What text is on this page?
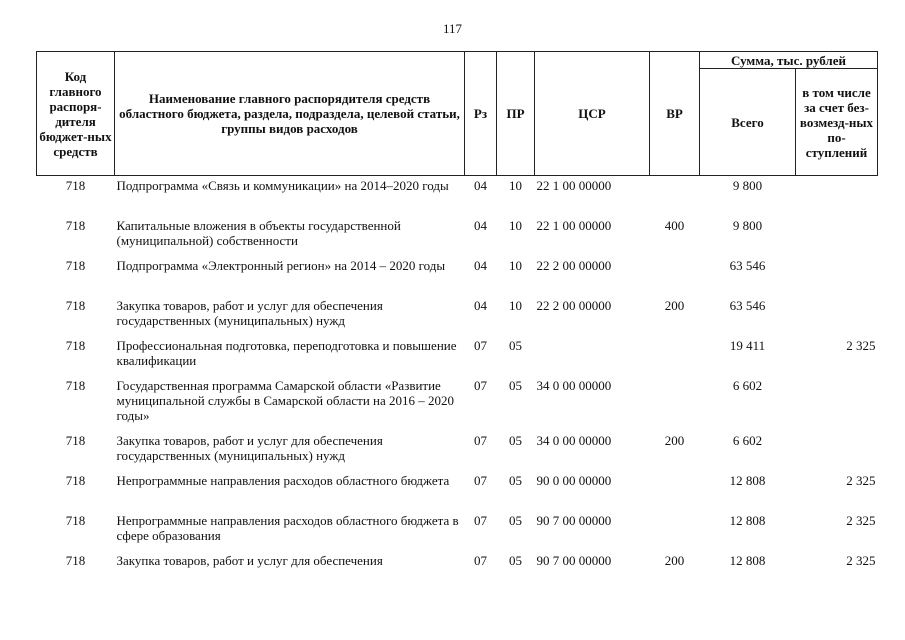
117
Код главного распоря-дителя бюджет-ных средств	Наименование главного распорядителя средств областного бюджета, раздела, подраздела, целевой статьи, группы видов расходов	Рз	ПР	ЦСР	ВР	Сумма, тыс. рублей	
						Всего	в том числе за счет без-возмезд-ных по-ступлений
718	Подпрограмма «Связь и коммуникации» на 2014–2020 годы	04	10	22 1 00 00000		9 800	
718	Капитальные вложения в объекты государственной (муниципальной) собственности	04	10	22 1 00 00000	400	9 800	
718	Подпрограмма «Электронный регион» на 2014 – 2020 годы	04	10	22 2 00 00000		63 546	
718	Закупка товаров, работ и услуг для обеспечения государственных (муниципальных) нужд	04	10	22 2 00 00000	200	63 546	
718	Профессиональная подготовка, переподготовка и повышение квалификации	07	05			19 411	2 325
718	Государственная программа Самарской области «Развитие муниципальной службы в Самарской области на 2016 – 2020 годы»	07	05	34 0 00 00000		6 602	
718	Закупка товаров, работ и услуг для обеспечения государственных (муниципальных) нужд	07	05	34 0 00 00000	200	6 602	
718	Непрограммные направления расходов областного бюджета	07	05	90 0 00 00000		12 808	2 325
718	Непрограммные направления расходов областного бюджета в сфере образования	07	05	90 7 00 00000		12 808	2 325
718	Закупка товаров, работ и услуг для обеспечения	07	05	90 7 00 00000	200	12 808	2 325
